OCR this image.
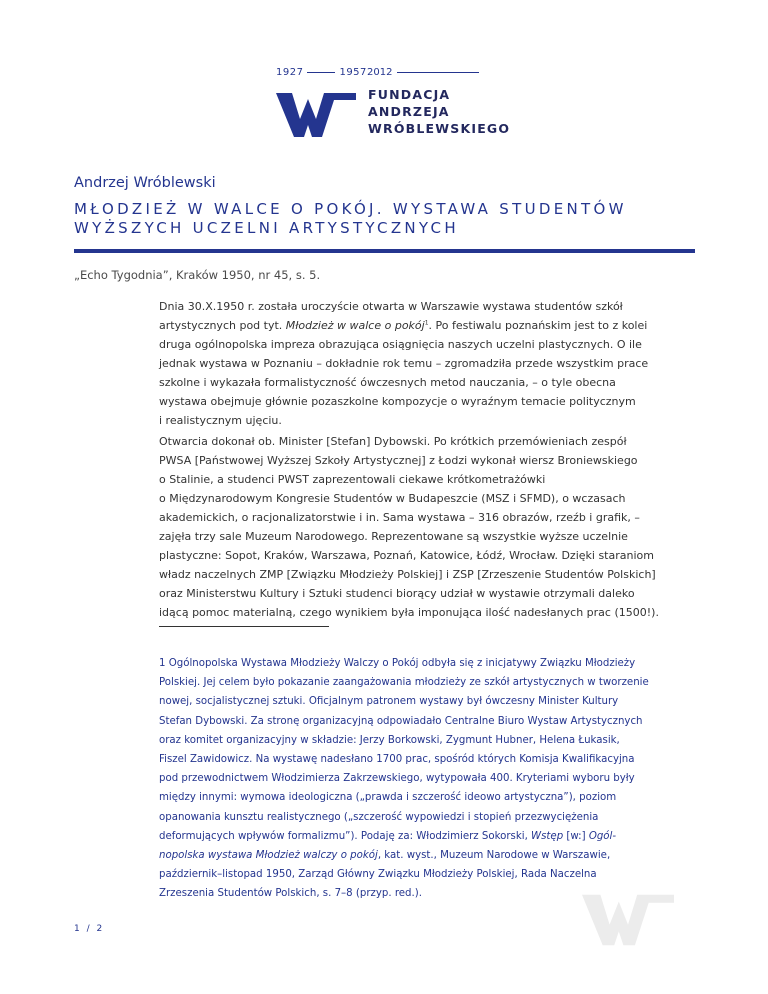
1927	1957 2012
FUNDACJA
ANDRZEJA
WRÓBLEWSKIEGO
Andrzej Wróblewski
MŁODZIEŻ W WALCE O POKÓJ. WYSTAWA STUDENTÓW
WYŻSZYCH UCZELNI ARTYSTYCZNYCH
„Echo Tygodnia”, Kraków 1950, nr 45, s. 5.
Dnia 30.X.1950 r. została uroczyście otwarta w Warszawie wystawa studentów szkół
artystycznych pod tyt. Młodzież w walce o pokój$^1$. Po festiwalu poznańskim jest to z kolei
druga ogólnopolska impreza obrazująca osiągnięcia naszych uczelni plastycznych. O ile
jednak wystawa w Poznaniu – dokładnie rok temu – zgromadziła przede wszystkim prace
szkolne i wykazała formalistyczność ówczesnych metod nauczania, – o tyle obecna
wystawa obejmuje głównie pozaszkolne kompozycje o wyraźnym temacie politycznym
i realistycznym ujęciu.
Otwarcia dokonał ob. Minister [Stefan] Dybowski. Po krótkich przemówieniach zespół
PWSA [Państwowej Wyższej Szkoły Artystycznej] z Łodzi wykonał wiersz Broniewskiego
o Stalinie, a studenci PWST zaprezentowali ciekawe krótkometrażówki
o Międzynarodowym Kongresie Studentów w Budapeszcie (MSZ i SFMD), o wczasach
akademickich, o racjonalizatorstwie i in. Sama wystawa – 316 obrazów, rzeźb i grafik, –
zajęła trzy sale Muzeum Narodowego. Reprezentowane są wszystkie wyższe uczelnie
plastyczne: Sopot, Kraków, Warszawa, Poznań, Katowice, Łódź, Wrocław. Dzięki staraniom
władz naczelnych ZMP [Związku Młodzieży Polskiej] i ZSP [Zrzeszenie Studentów Polskich]
oraz Ministerstwu Kultury i Sztuki studenci biorący udział w wystawie otrzymali daleko
idącą pomoc materialną, czego wynikiem była imponująca ilość nadesłanych prac (1500!).
1 Ogólnopolska Wystawa Młodzieży Walczy o Pokój odbyła się z inicjatywy Związku Młodzieży
Polskiej. Jej celem było pokazanie zaangażowania młodzieży ze szkół artystycznych w tworzenie
nowej, socjalistycznej sztuki. Oficjalnym patronem wystawy był ówczesny Minister Kultury
Stefan Dybowski. Za stronę organizacyjną odpowiadało Centralne Biuro Wystaw Artystycznych
oraz komitet organizacyjny w składzie: Jerzy Borkowski, Zygmunt Hubner, Helena Łukasik,
Fiszel Zawidowicz. Na wystawę nadesłano 1700 prac, spośród których Komisja Kwalifikacyjna
pod przewodnictwem Włodzimierza Zakrzewskiego, wytypowała 400. Kryteriami wyboru były
między innymi: wymowa ideologiczna („prawda i szczerość ideowo artystyczna”), poziom
opanowania kunsztu realistycznego („szczerość wypowiedzi i stopień przezwyciężenia
deformujących wpływów formalizmu”). Podaję za: Włodzimierz Sokorski, Wstęp [w:] Ogól-
nopolska wystawa Młodzież walczy o pokój, kat. wyst., Muzeum Narodowe w Warszawie,
październik–listopad 1950, Zarząd Główny Związku Młodzieży Polskiej, Rada Naczelna
Zrzeszenia Studentów Polskich, s. 7–8 (przyp. red.).
1 / 2
